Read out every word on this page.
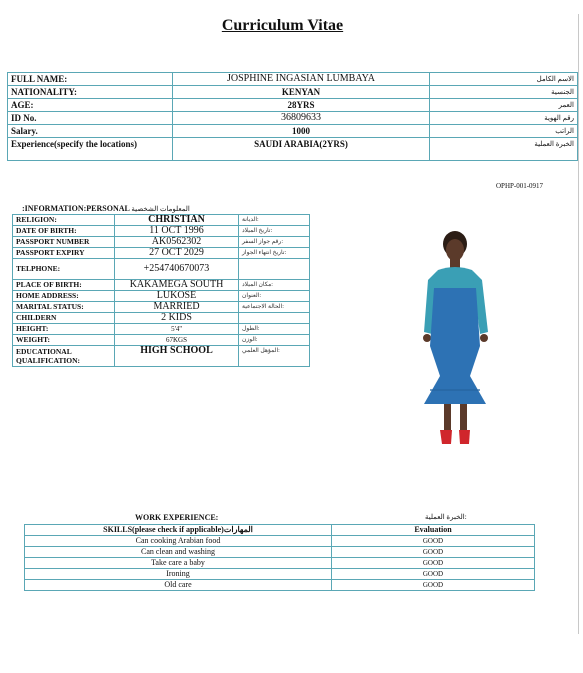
Curriculum Vitae
FULL NAME:	JOSPHINE INGASIAN LUMBAYA	الاسم الكامل
NATIONALITY:	KENYAN	الجنسية
AGE:	28YRS	العمر
ID No.	36809633	رقم الهوية
Salary.	1000	الراتب
Experience(specify the locations)	SAUDI ARABIA(2YRS)	الخبرة العملية
OPHP-001-0917
:INFORMATION:PERSONAL المعلومات الشخصية
RELIGION:	CHRISTIAN	الديانة:
DATE OF BIRTH:	11 OCT 1996	تاريخ الميلاد:
PASSPORT NUMBER	AK0562302	رقم جواز السفر:
PASSPORT EXPIRY	27 OCT 2029	تاريخ انتهاء الجواز:
TELPHONE:	+254740670073	
PLACE OF BIRTH:	KAKAMEGA SOUTH	مكان الميلاد:
HOME ADDRESS:	LUKOSE	العنوان:
MARITAL STATUS:	MARRIED	الحالة الاجتماعية:
CHILDERN	2 KIDS	
HEIGHT:	5'4''	الطول:
WEIGHT:	67KGS	الوزن:
EDUCATIONAL QUALIFICATION:	HIGH SCHOOL	المؤهل العلمي:
WORK EXPERIENCE:	الخبرة العملية:
SKILLS(please check if applicable)المهارات	Evaluation
Can cooking Arabian food	GOOD
Can clean and washing	GOOD
Take care a baby	GOOD
Ironing	GOOD
Old care	GOOD
